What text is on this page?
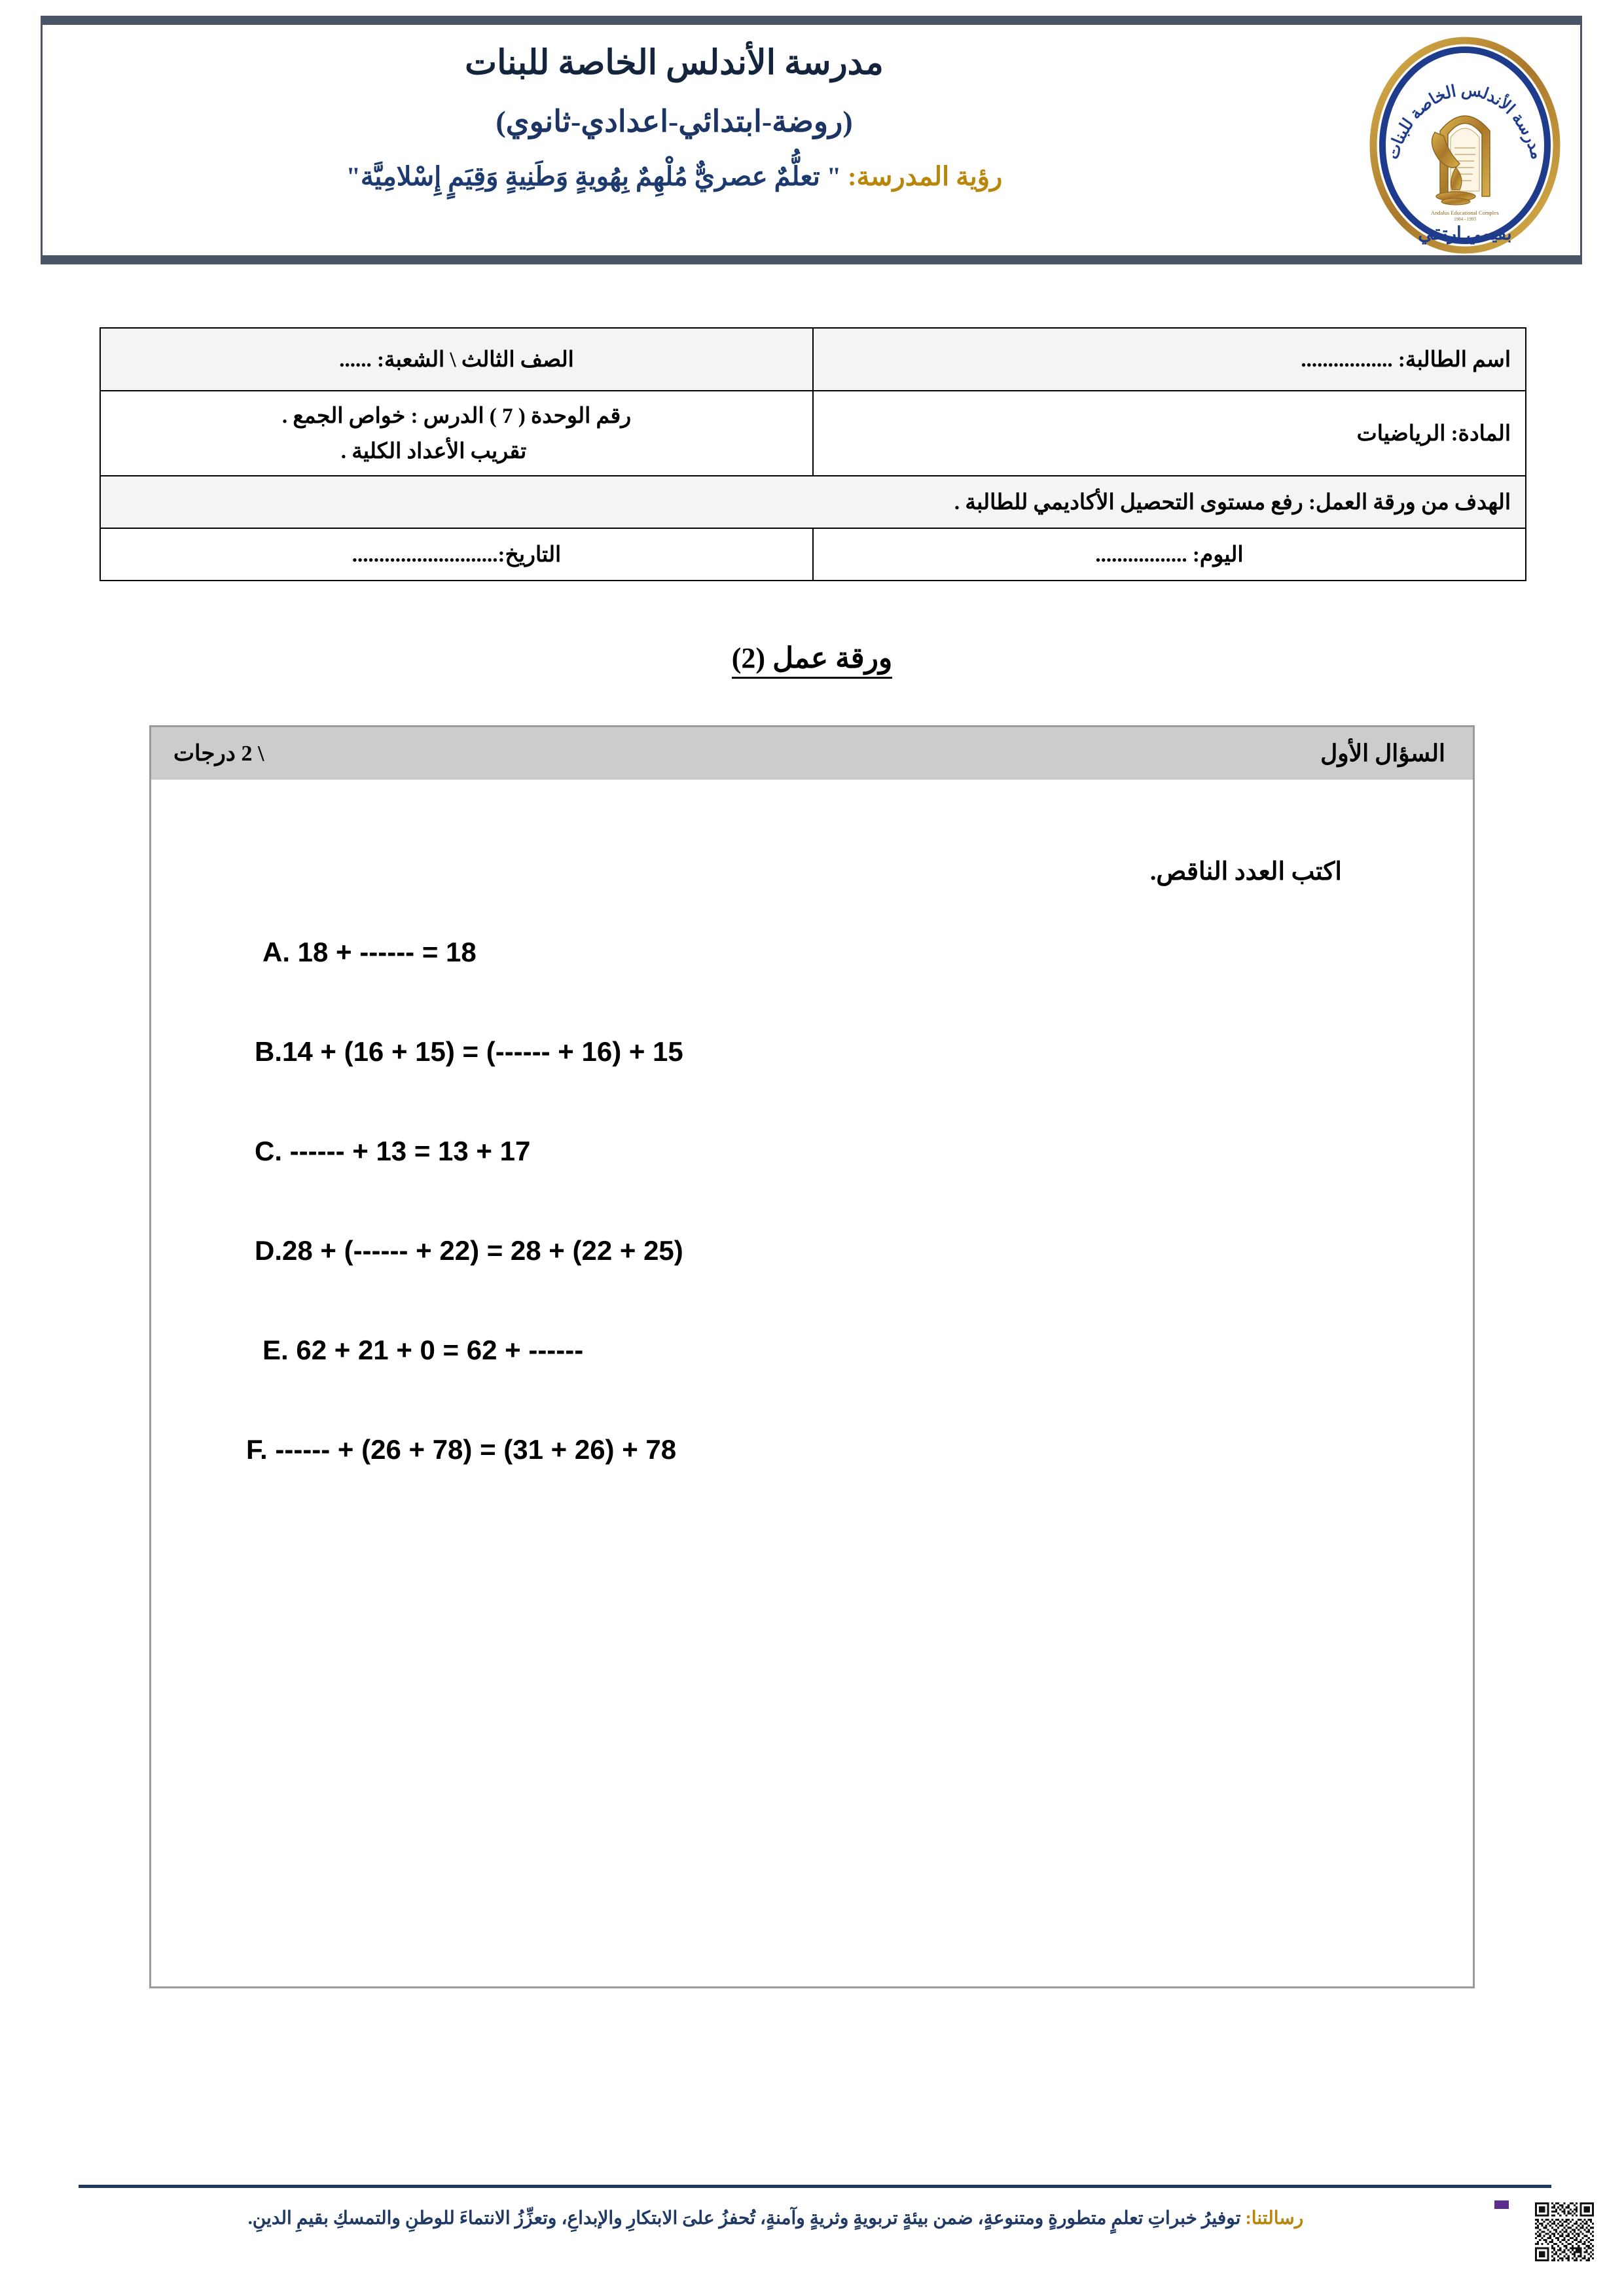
مدرسة الأندلس الخاصة للبنات
(روضة-ابتدائي-اعدادي-ثانوي)
رؤية المدرسة: " تعلُّمٌ عصريٌّ مُلْهِمٌ بِهُويةٍ وَطَنِيةٍ وَقِيَمٍ إِسْلامِيَّة"
مدرسة الأندلس الخاصة للبنات
Andalus Educational Complex
1984 - 1993
بقيمي ارتقي
اسم الطالبة: .................	الصف الثالث \ الشعبة: ......
المادة: الرياضيات	رقم الوحدة ( 7 ) الدرس : خواص الجمع .
تقريب الأعداد الكلية .

الهدف من ورقة العمل: رفع مستوى التحصيل الأكاديمي للطالبة .	
اليوم: .................	التاريخ:...........................
ورقة عمل (2)
السؤال الأول
\ 2 درجات
اكتب العدد الناقص.
A. 18 + ------ = 18
B. 14 + (16 + 15) = (------ + 16) + 15
C. ------ + 13 = 13 + 17
D. 28 + (------ + 22) = 28 + (22 + 25)
E. 62 + 21 + 0 = 62 + ------
F. ------ + (26 + 78) = (31 + 26) + 78
رسالتنا: توفيرُ خبراتِ تعلمٍ متطورةٍ ومتنوعةٍ، ضمن بيئةٍ تربويةٍ وثريةٍ وآمنةٍ، تُحفزُ علىَ الابتكارِ والإبداعِ، وتعزِّزُ الانتماءَ للوطنِ والتمسكِ بقيمِ الدينِ.
